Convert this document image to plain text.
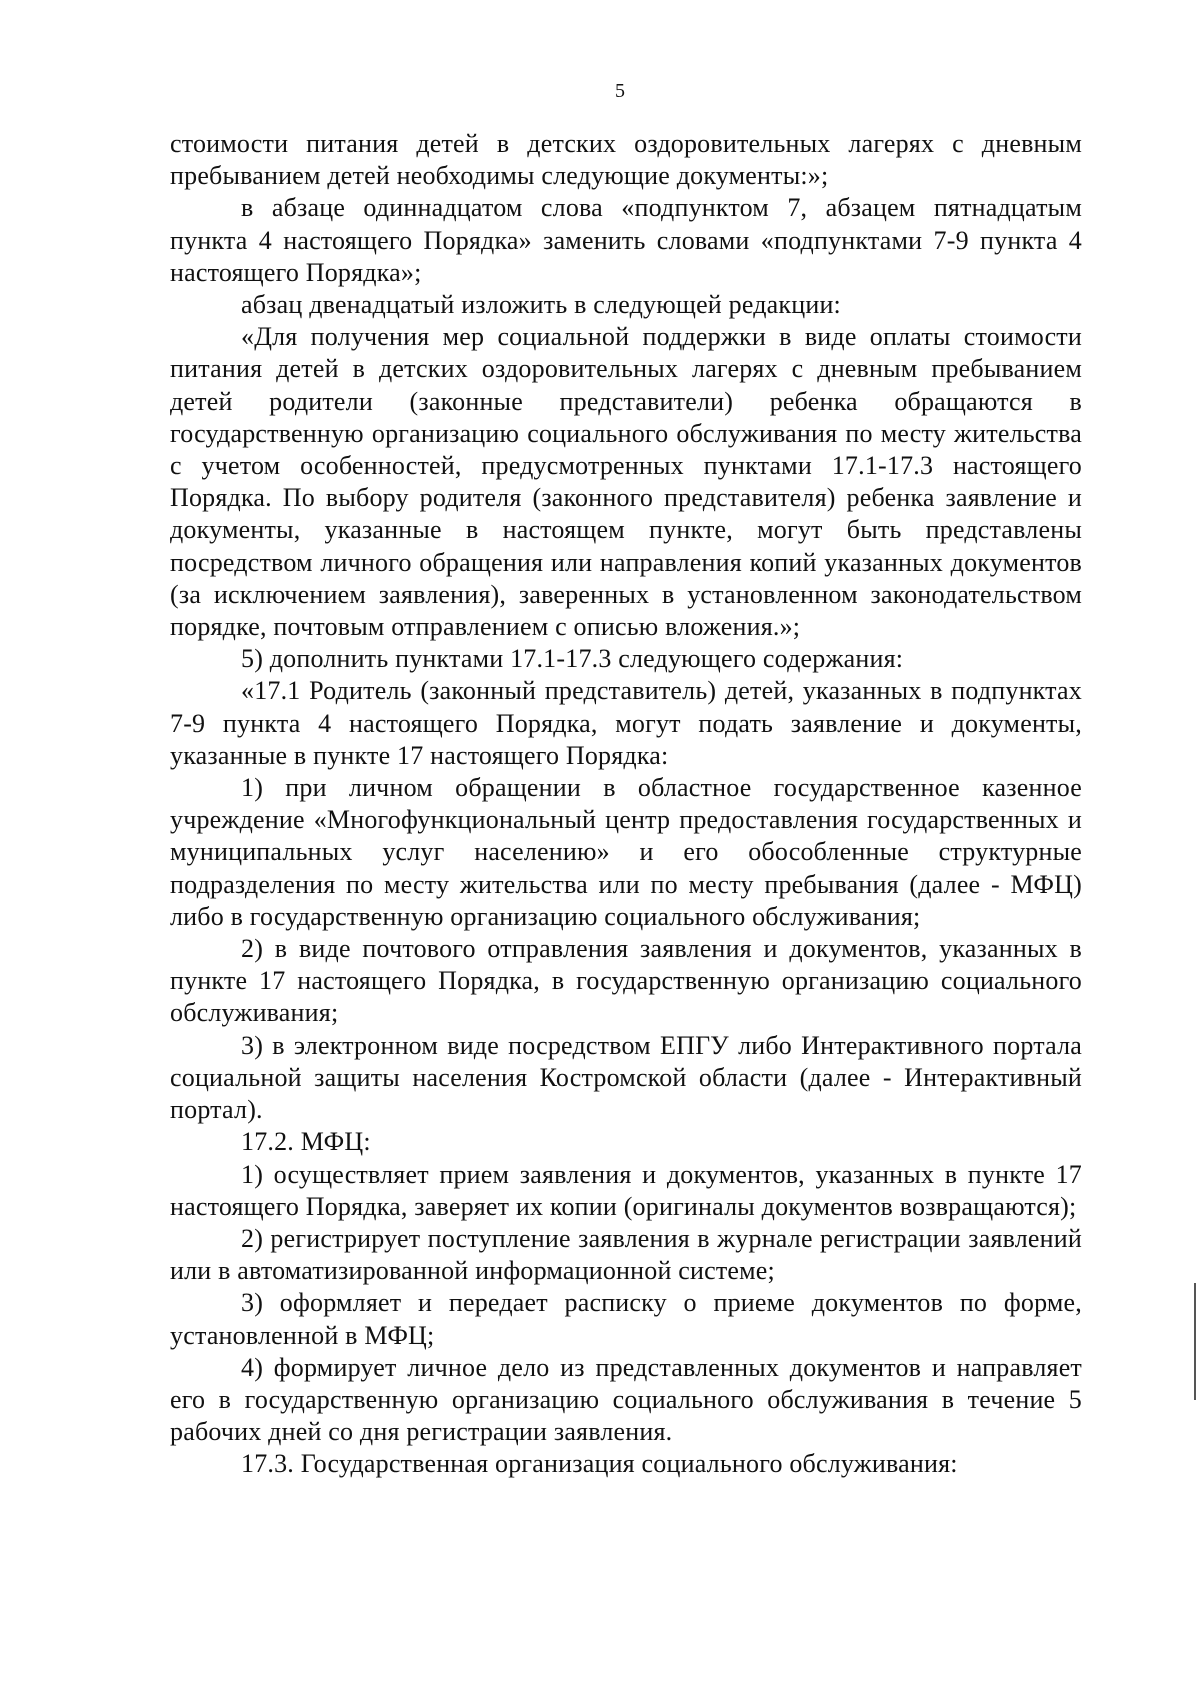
5

стоимости питания детей в детских оздоровительных лагерях с дневным пребыванием детей необходимы следующие документы:»;

в абзаце одиннадцатом слова «подпунктом 7, абзацем пятнадцатым пункта 4 настоящего Порядка» заменить словами «подпунктами 7-9 пункта 4 настоящего Порядка»;

абзац двенадцатый изложить в следующей редакции:

«Для получения мер социальной поддержки в виде оплаты стоимости питания детей в детских оздоровительных лагерях с дневным пребыванием детей родители (законные представители) ребенка обращаются в государственную организацию социального обслуживания по месту жительства с учетом особенностей, предусмотренных пунктами 17.1-17.3 настоящего Порядка. По выбору родителя (законного представителя) ребенка заявление и документы, указанные в настоящем пункте, могут быть представлены посредством личного обращения или направления копий указанных документов (за исключением заявления), заверенных в установленном законодательством порядке, почтовым отправлением с описью вложения.»;

5) дополнить пунктами 17.1-17.3 следующего содержания:

«17.1 Родитель (законный представитель) детей, указанных в подпунктах 7-9 пункта 4 настоящего Порядка, могут подать заявление и документы, указанные в пункте 17 настоящего Порядка:

1) при личном обращении в областное государственное казенное учреждение «Многофункциональный центр предоставления государственных и муниципальных услуг населению» и его обособленные структурные подразделения по месту жительства или по месту пребывания (далее - МФЦ) либо в государственную организацию социального обслуживания;

2) в виде почтового отправления заявления и документов, указанных в пункте 17 настоящего Порядка, в государственную организацию социального обслуживания;

3) в электронном виде посредством ЕПГУ либо Интерактивного портала социальной защиты населения Костромской области (далее - Интерактивный портал).

17.2. МФЦ:

1) осуществляет прием заявления и документов, указанных в пункте 17 настоящего Порядка, заверяет их копии (оригиналы документов возвращаются);

2) регистрирует поступление заявления в журнале регистрации заявлений или в автоматизированной информационной системе;

3) оформляет и передает расписку о приеме документов по форме, установленной в МФЦ;

4) формирует личное дело из представленных документов и направляет его в государственную организацию социального обслуживания в течение 5 рабочих дней со дня регистрации заявления.

17.3. Государственная организация социального обслуживания:
